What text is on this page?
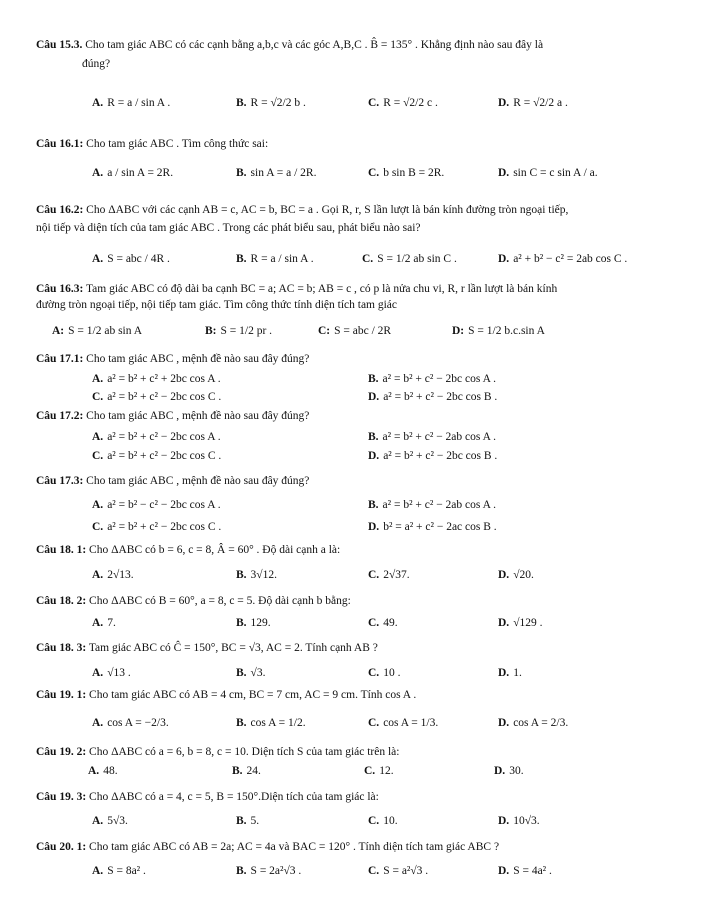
Câu 15.3. Cho tam giác ABC có các cạnh bằng a,b,c và các góc A,B,C . B̂ = 135° . Khẳng định nào sau đây là
đúng?
A. R = a / sin A .	B. R = √2/2 b .	C. R = √2/2 c .	D. R = √2/2 a .
Câu 16.1: Cho tam giác ABC . Tìm công thức sai:
A. a / sin A = 2R.	B. sin A = a / 2R.	C. b sin B = 2R.	D. sin C = c sin A / a.
Câu 16.2: Cho ΔABC với các cạnh AB = c, AC = b, BC = a . Gọi R, r, S lần lượt là bán kính đường tròn ngoại tiếp,
nội tiếp và diện tích của tam giác ABC . Trong các phát biểu sau, phát biểu nào sai?
A. S = abc / 4R .	B. R = a / sin A .	C. S = 1/2 ab sin C .	D. a² + b² − c² = 2ab cos C .
Câu 16.3: Tam giác ABC có độ dài ba cạnh BC = a; AC = b; AB = c , có p là nửa chu vi, R, r lần lượt là bán kính
đường tròn ngoại tiếp, nội tiếp tam giác. Tìm công thức tính diện tích tam giác
A: S = 1/2 ab sin A	B: S = 1/2 pr .	C: S = abc / 2R	D: S = 1/2 b.c.sin A
Câu 17.1: Cho tam giác ABC , mệnh đề nào sau đây đúng?
A. a² = b² + c² + 2bc cos A .	B. a² = b² + c² − 2bc cos A .
C. a² = b² + c² − 2bc cos C .	D. a² = b² + c² − 2bc cos B .
Câu 17.2: Cho tam giác ABC , mệnh đề nào sau đây đúng?
A. a² = b² + c² − 2bc cos A .	B. a² = b² + c² − 2ab cos A .
C. a² = b² + c² − 2bc cos C .	D. a² = b² + c² − 2bc cos B .
Câu 17.3: Cho tam giác ABC , mệnh đề nào sau đây đúng?
A. a² = b² − c² − 2bc cos A .	B. a² = b² + c² − 2ab cos A .
C. a² = b² + c² − 2bc cos C .	D. b² = a² + c² − 2ac cos B .
Câu 18. 1: Cho ΔABC có b = 6, c = 8, Â = 60° . Độ dài cạnh a là:
A. 2√13.	B. 3√12.	C. 2√37.	D. √20.
Câu 18. 2: Cho ΔABC có B = 60°, a = 8, c = 5. Độ dài cạnh b bằng:
A. 7.	B. 129.	C. 49.	D. √129 .
Câu 18. 3: Tam giác ABC có Ĉ = 150°, BC = √3, AC = 2. Tính cạnh AB ?
A. √13 .	B. √3.	C. 10 .	D. 1.
Câu 19. 1: Cho tam giác ABC có AB = 4 cm, BC = 7 cm, AC = 9 cm. Tính cos A .
A. cos A = −2/3.	B. cos A = 1/2.	C. cos A = 1/3.	D. cos A = 2/3.
Câu 19. 2: Cho ΔABC có a = 6, b = 8, c = 10. Diện tích S của tam giác trên là:
A. 48.	B. 24.	C. 12.	D. 30.
Câu 19. 3: Cho ΔABC có a = 4, c = 5, B = 150°.Diện tích của tam giác là:
A. 5√3.	B. 5.	C. 10.	D. 10√3.
Câu 20. 1: Cho tam giác ABC có AB = 2a; AC = 4a và BAC = 120° . Tính diện tích tam giác ABC ?
A. S = 8a² .	B. S = 2a²√3 .	C. S = a²√3 .	D. S = 4a² .
